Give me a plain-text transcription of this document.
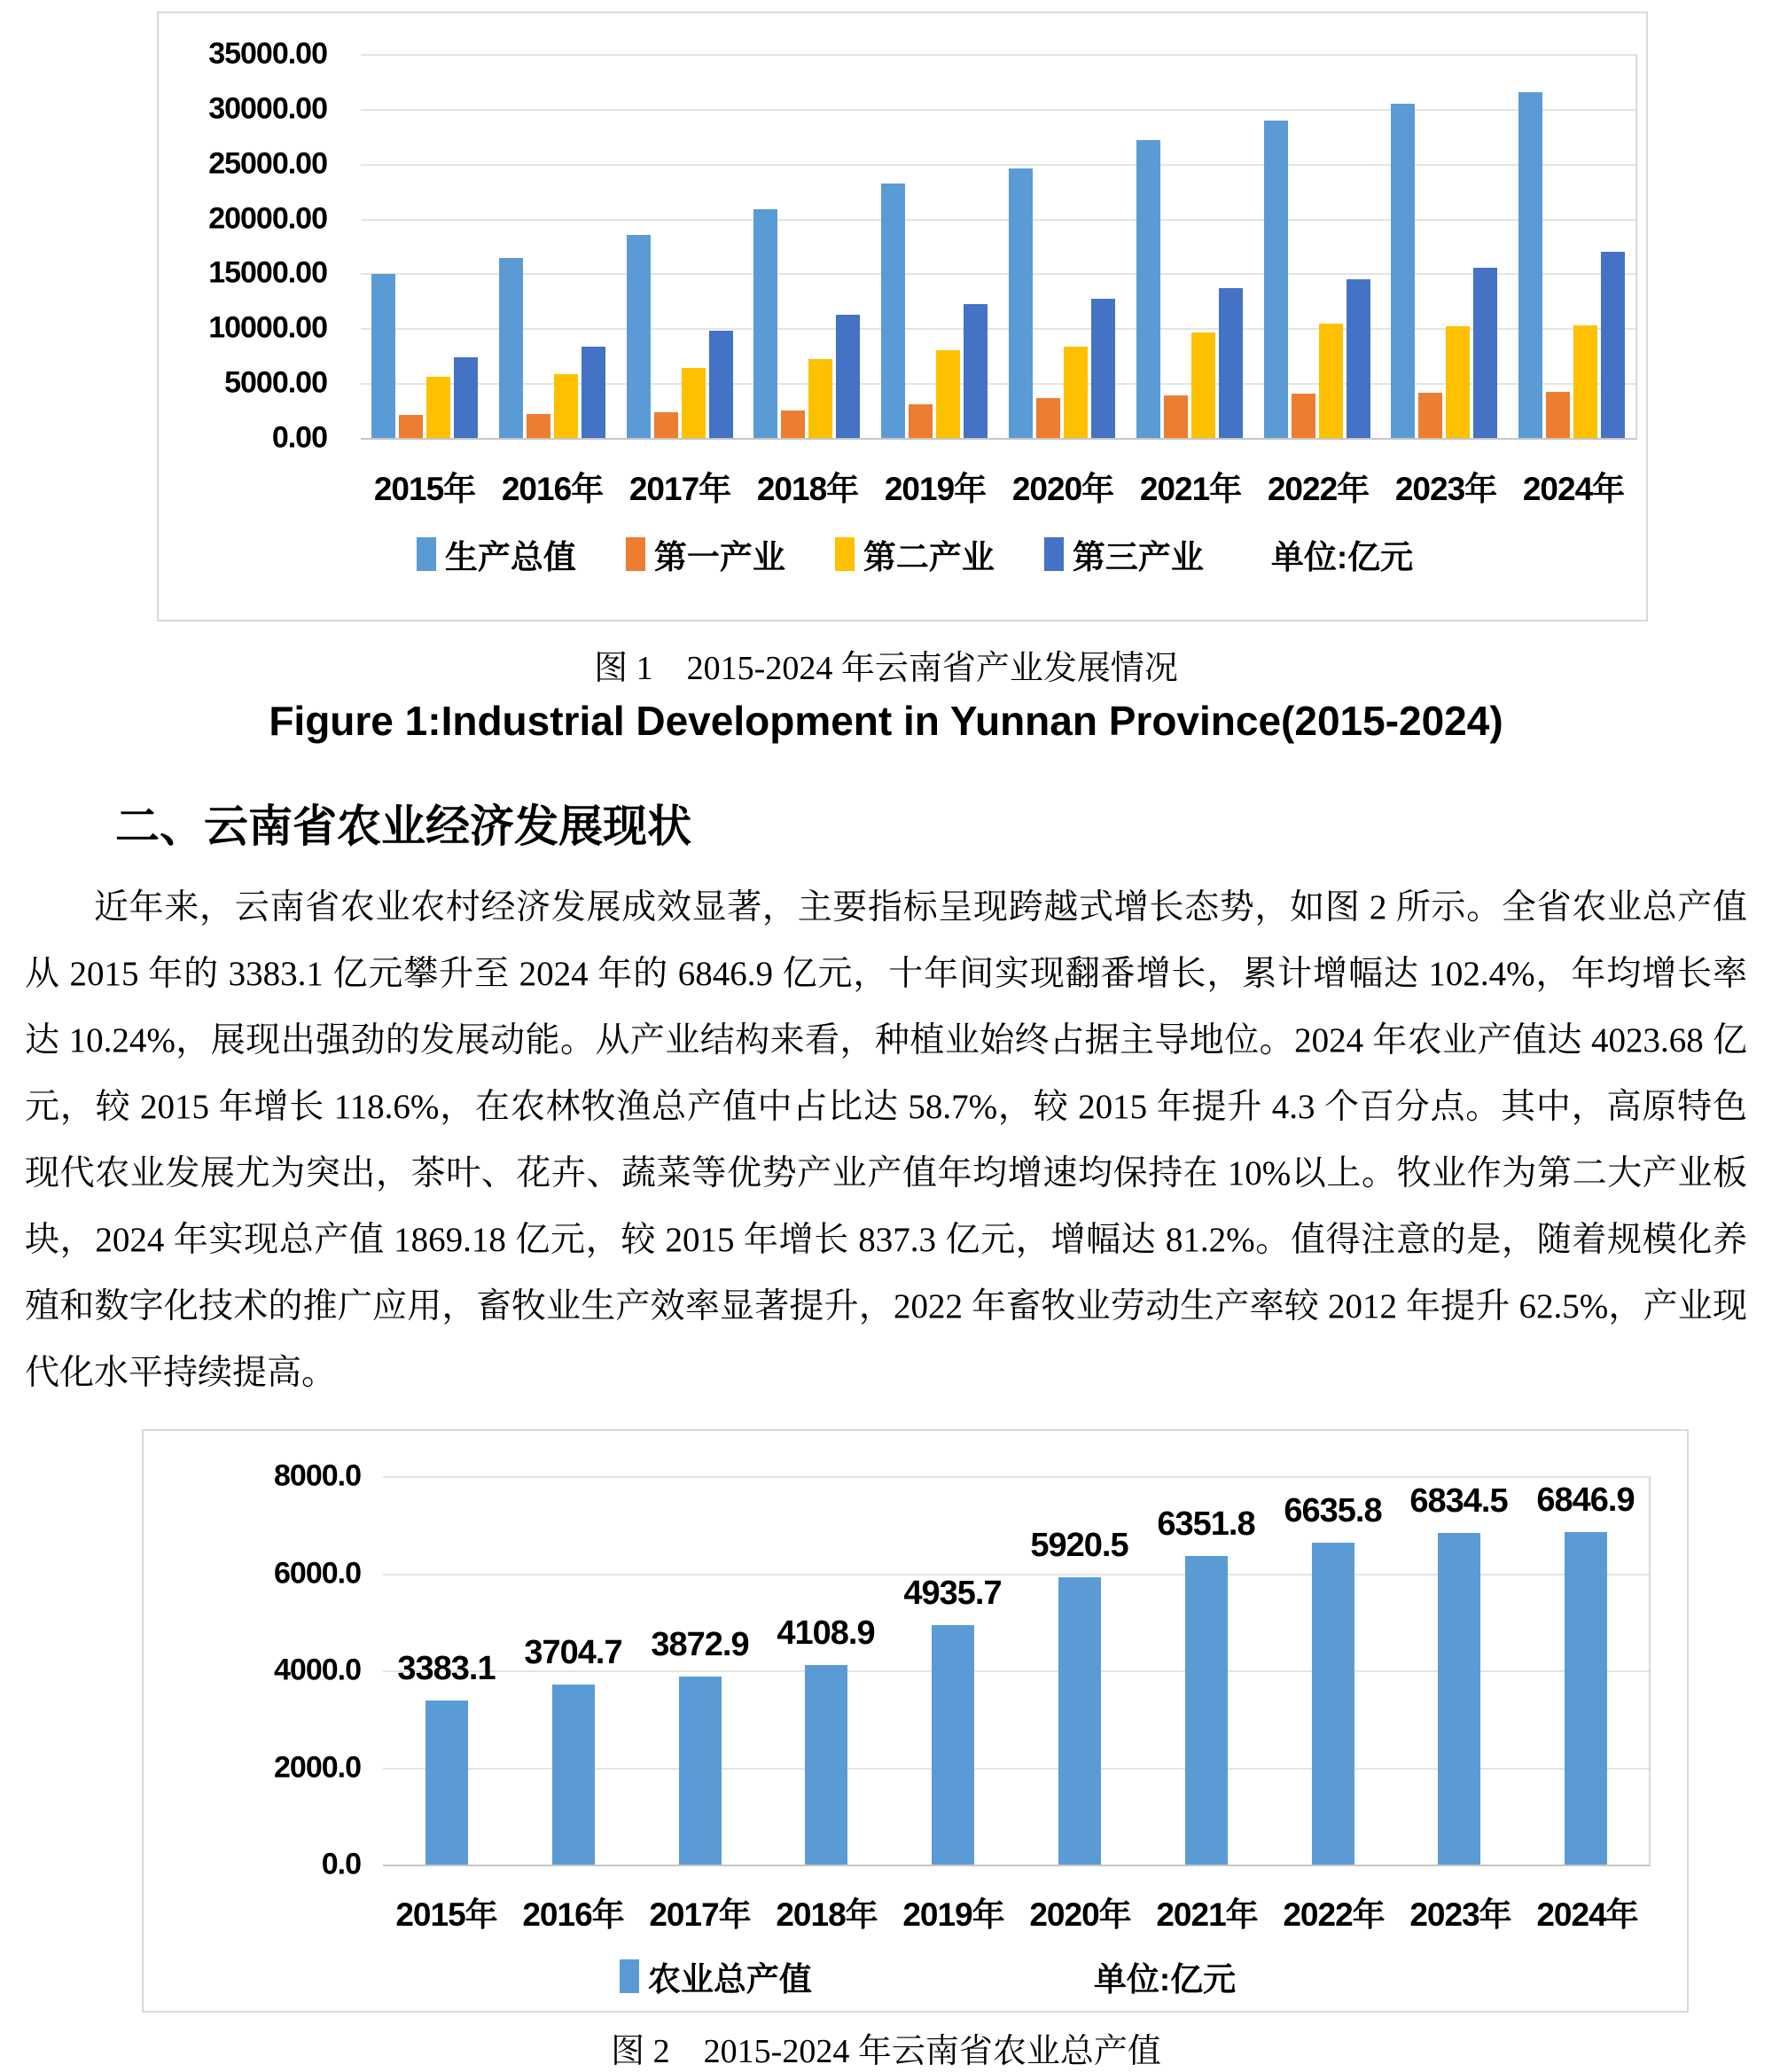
35000.00
30000.00
25000.00
20000.00
15000.00
10000.00
5000.00
0.00
2015年 2016年 2017年 2018年 2019年 2020年 2021年 2022年 2023年 2024年
生产总值 第一产业 第二产业 第三产业 单位:亿元
图 1    2015-2024 年云南省产业发展情况
Figure 1:Industrial Development in Yunnan Province(2015-2024)
二、云南省农业经济发展现状

近年来，云南省农业农村经济发展成效显著，主要指标呈现跨越式增长态势，如图 2 所示。全省农业总产值从 2015 年的 3383.1 亿元攀升至 2024 年的 6846.9 亿元，十年间实现翻番增长，累计增幅达 102.4%，年均增长率达 10.24%，展现出强劲的发展动能。从产业结构来看，种植业始终占据主导地位。2024 年农业产值达 4023.68 亿元，较 2015 年增长 118.6%，在农林牧渔总产值中占比达 58.7%，较 2015 年提升 4.3 个百分点。其中，高原特色现代农业发展尤为突出，茶叶、花卉、蔬菜等优势产业产值年均增速均保持在 10%以上。牧业作为第二大产业板块，2024 年实现总产值 1869.18 亿元，较 2015 年增长 837.3 亿元，增幅达 81.2%。值得注意的是，随着规模化养殖和数字化技术的推广应用，畜牧业生产效率显著提升，2022 年畜牧业劳动生产率较 2012 年提升 62.5%，产业现代化水平持续提高。

8000.0
6000.0
4000.0
2000.0
0.0
3383.1 3704.7 3872.9 4108.9
4935.7
5920.5
6351.8 6635.8 6834.5 6846.9
2015年 2016年 2017年 2018年 2019年 2020年 2021年 2022年 2023年 2024年
农业总产值	单位:亿元
图 2    2015-2024 年云南省农业总产值
